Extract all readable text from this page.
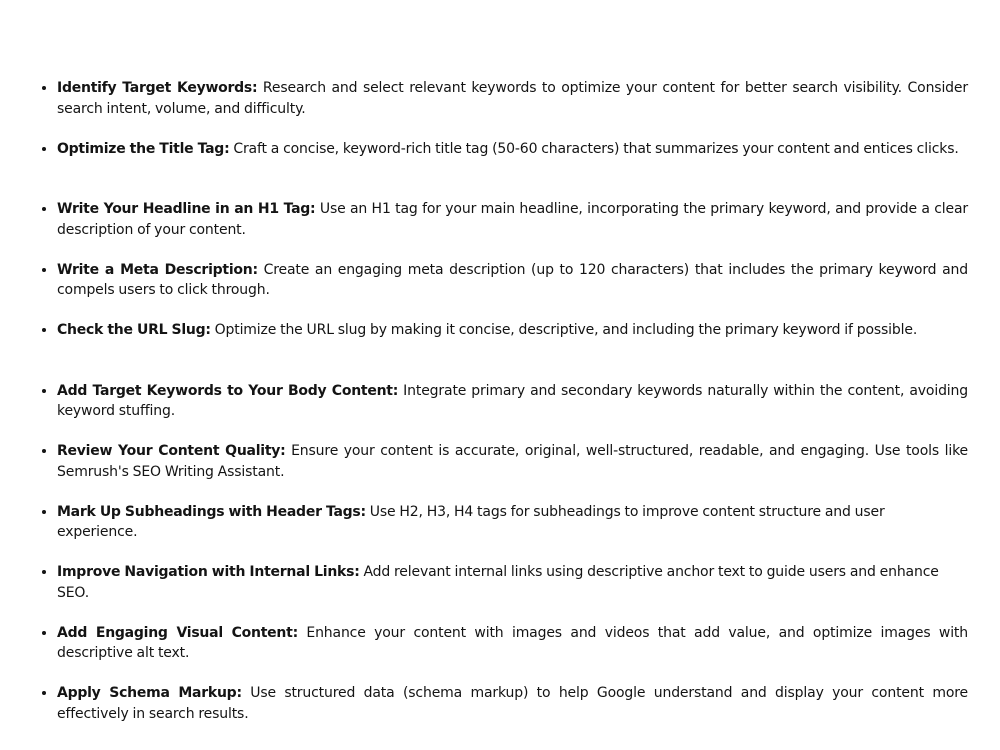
Identify Target Keywords: Research and select relevant keywords to optimize your content for better search visibility. Consider search intent, volume, and difficulty.
Optimize the Title Tag: Craft a concise, keyword-rich title tag (50-60 characters) that summarizes your content and entices clicks.
Write Your Headline in an H1 Tag: Use an H1 tag for your main headline, incorporating the primary keyword, and provide a clear description of your content.
Write a Meta Description: Create an engaging meta description (up to 120 characters) that includes the primary keyword and compels users to click through.
Check the URL Slug: Optimize the URL slug by making it concise, descriptive, and including the primary keyword if possible.
Add Target Keywords to Your Body Content: Integrate primary and secondary keywords naturally within the content, avoiding keyword stuffing.
Review Your Content Quality: Ensure your content is accurate, original, well-structured, readable, and engaging. Use tools like Semrush's SEO Writing Assistant.
Mark Up Subheadings with Header Tags: Use H2, H3, H4 tags for subheadings to improve content structure and user experience.
Improve Navigation with Internal Links: Add relevant internal links using descriptive anchor text to guide users and enhance SEO.
Add Engaging Visual Content: Enhance your content with images and videos that add value, and optimize images with descriptive alt text.
Apply Schema Markup: Use structured data (schema markup) to help Google understand and display your content more effectively in search results.
